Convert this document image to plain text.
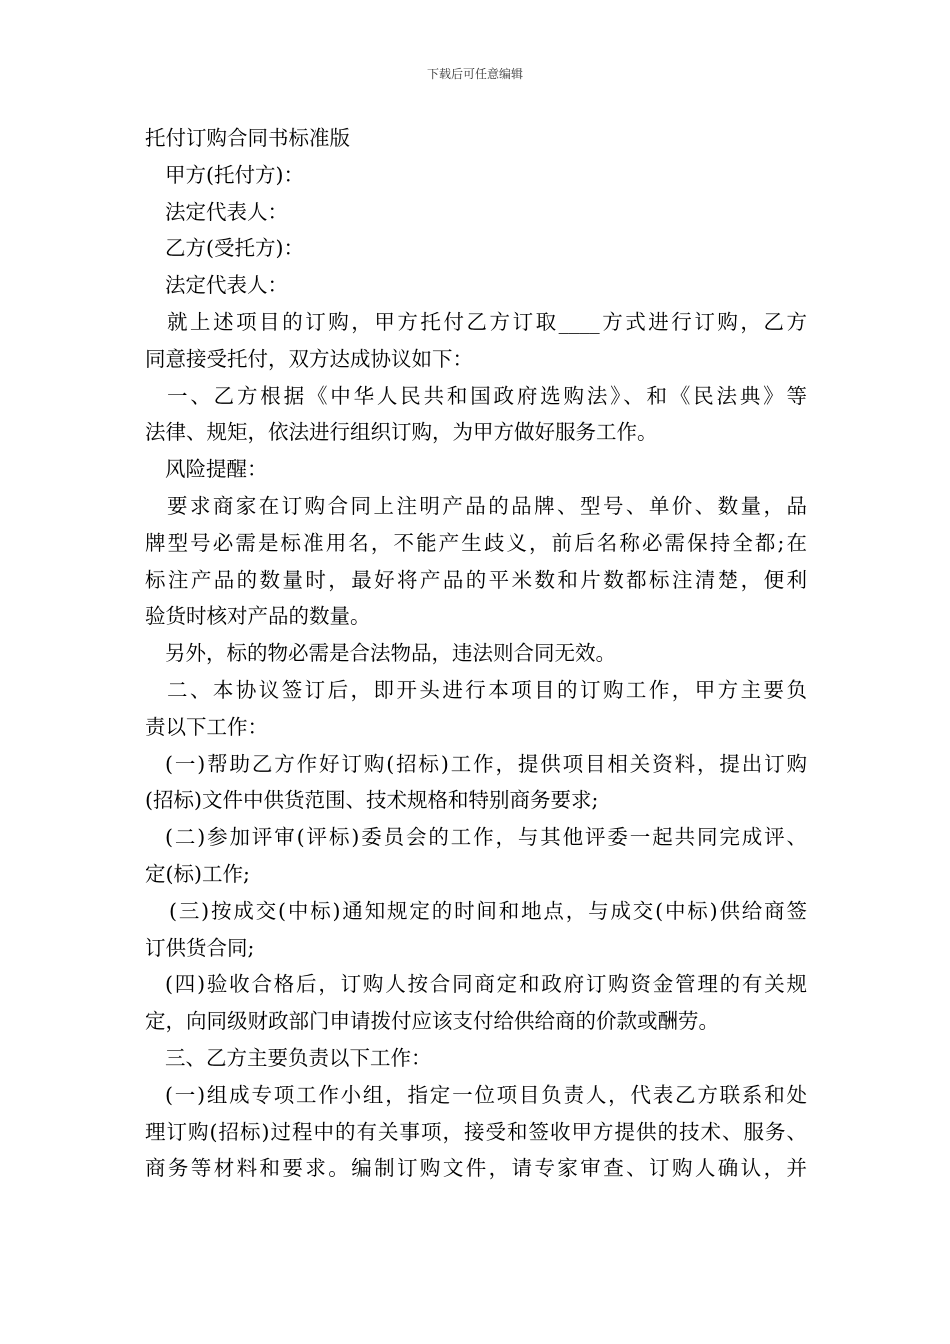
下载后可任意编辑
托付订购合同书标准版
甲方(托付方)：
法定代表人：
乙方(受托方)：
法定代表人：
就上述项目的订购，甲方托付乙方订取____方式进行订购，乙方
同意接受托付，双方达成协议如下：
一、乙方根据《中华人民共和国政府选购法》、和《民法典》等
法律、规矩，依法进行组织订购，为甲方做好服务工作。
风险提醒：
要求商家在订购合同上注明产品的品牌、型号、单价、数量，品
牌型号必需是标准用名，不能产生歧义，前后名称必需保持全都;在
标注产品的数量时，最好将产品的平米数和片数都标注清楚，便利
验货时核对产品的数量。
另外，标的物必需是合法物品，违法则合同无效。
二、本协议签订后，即开头进行本项目的订购工作，甲方主要负
责以下工作：
(一)帮助乙方作好订购(招标)工作，提供项目相关资料，提出订购
(招标)文件中供货范围、技术规格和特别商务要求;
(二)参加评审(评标)委员会的工作，与其他评委一起共同完成评、
定(标)工作;
(三)按成交(中标)通知规定的时间和地点，与成交(中标)供给商签
订供货合同;
(四)验收合格后，订购人按合同商定和政府订购资金管理的有关规
定，向同级财政部门申请拨付应该支付给供给商的价款或酬劳。
三、乙方主要负责以下工作：
(一)组成专项工作小组，指定一位项目负责人，代表乙方联系和处
理订购(招标)过程中的有关事项，接受和签收甲方提供的技术、服务、
商务等材料和要求。编制订购文件，请专家审查、订购人确认，并
